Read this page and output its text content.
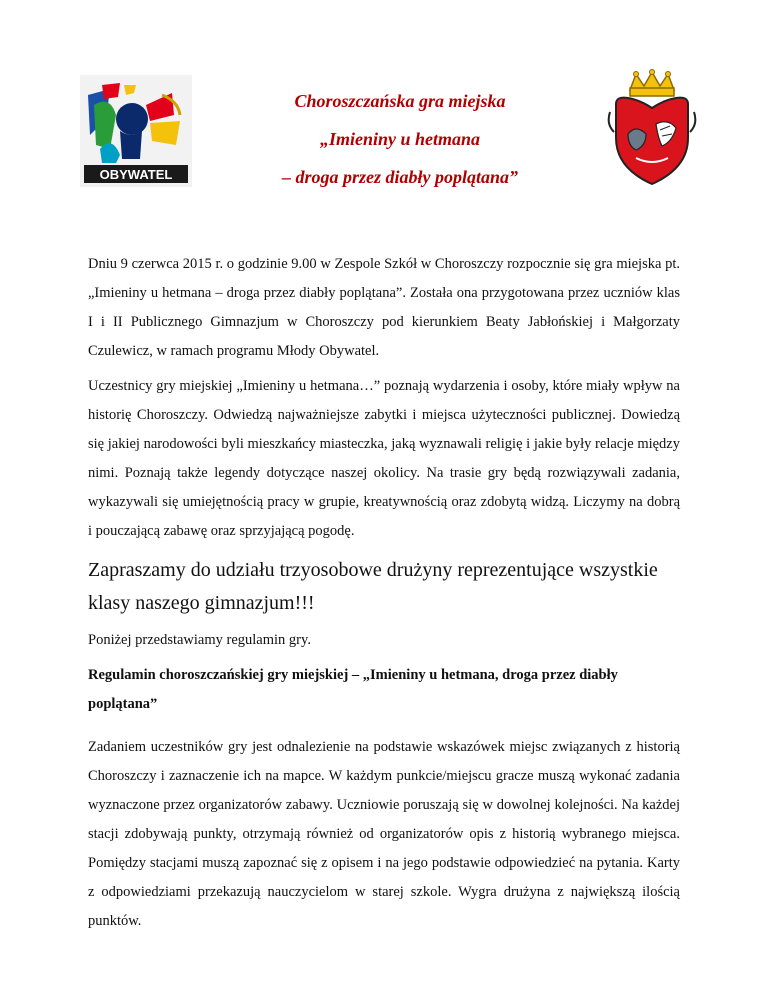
OBYWATEL

Choroszczańska gra miejska

„Imieniny u hetmana

– droga przez diabły poplątana”

Dniu 9 czerwca 2015 r. o godzinie 9.00 w Zespole Szkół w Choroszczy rozpocznie się gra miejska pt. „Imieniny u hetmana – droga przez diabły poplątana”. Została ona przygotowana przez uczniów klas I i II Publicznego Gimnazjum w Choroszczy pod kierunkiem Beaty Jabłońskiej i Małgorzaty Czulewicz, w ramach programu Młody Obywatel.

Uczestnicy gry miejskiej „Imieniny u hetmana…” poznają wydarzenia i osoby, które miały wpływ na historię Choroszczy. Odwiedzą najważniejsze zabytki i miejsca użyteczności publicznej. Dowiedzą się jakiej narodowości byli mieszkańcy miasteczka, jaką wyznawali religię i jakie były relacje między nimi. Poznają także legendy dotyczące naszej okolicy. Na trasie gry będą rozwiązywali zadania, wykazywali się umiejętnością pracy w grupie, kreatywnością oraz zdobytą widzą. Liczymy na dobrą i pouczającą zabawę oraz sprzyjającą pogodę.

Zapraszamy do udziału trzyosobowe drużyny reprezentujące wszystkie klasy naszego gimnazjum!!!

Poniżej przedstawiamy regulamin gry.

Regulamin choroszczańskiej gry miejskiej – „Imieniny u hetmana, droga przez diabły poplątana”

Zadaniem uczestników gry jest odnalezienie na podstawie wskazówek miejsc związanych z historią Choroszczy i zaznaczenie ich na mapce. W każdym punkcie/miejscu gracze muszą wykonać zadania wyznaczone przez organizatorów zabawy. Uczniowie poruszają się w dowolnej kolejności. Na każdej stacji zdobywają punkty, otrzymają również od organizatorów opis z historią wybranego miejsca. Pomiędzy stacjami muszą zapoznać się z opisem i na jego podstawie odpowiedzieć na pytania. Karty z odpowiedziami przekazują nauczycielom w starej szkole. Wygra drużyna z największą ilością punktów.
